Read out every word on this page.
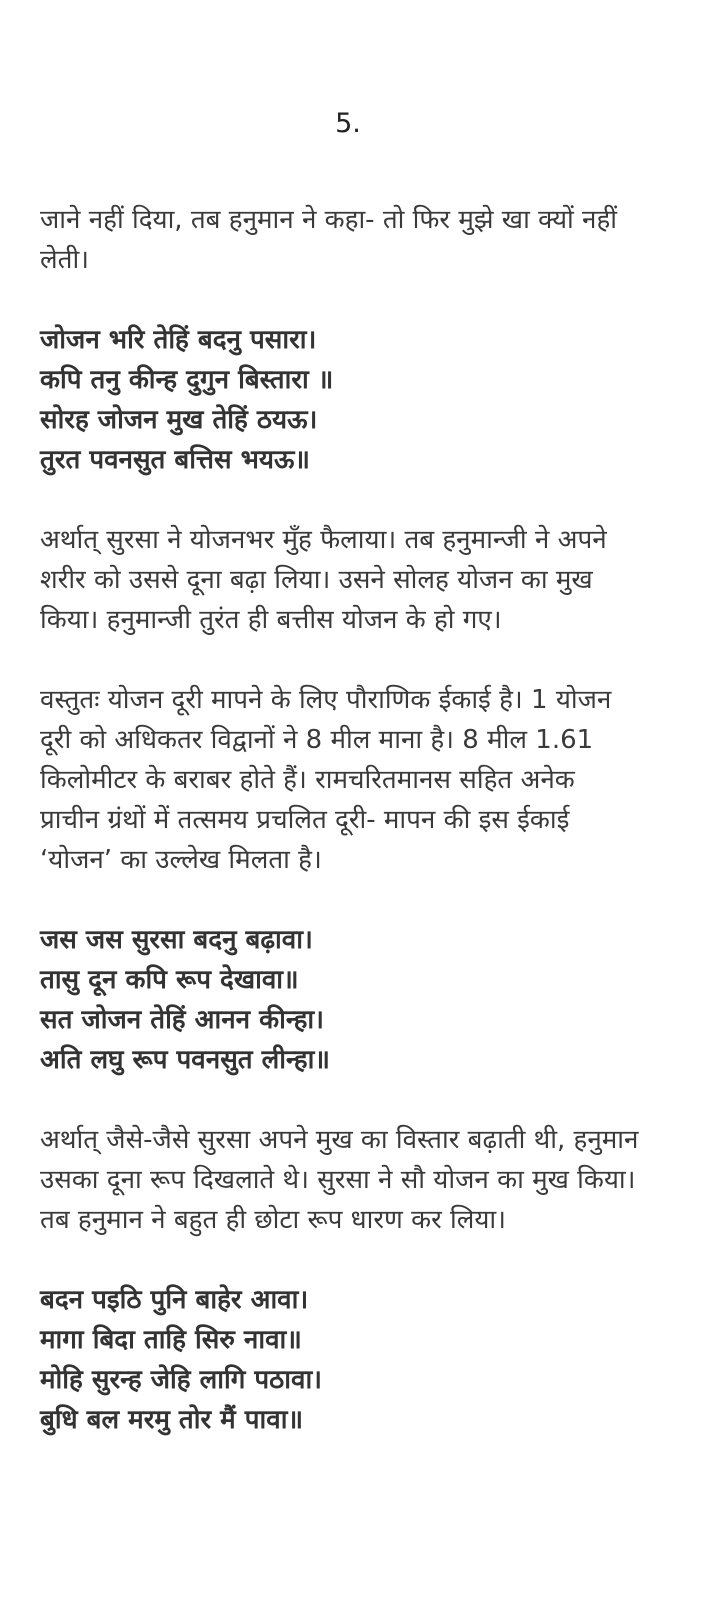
5.
जाने नहीं दिया, तब हनुमान ने कहा- तो फिर मुझे खा क्यों नहीं
लेती।
जोजन भरि तेहिं बदनु पसारा।
कपि तनु कीन्ह दुगुन बिस्तारा ॥
सोरह जोजन मुख तेहिं ठयऊ।
तुरत पवनसुत बत्तिस भयऊ॥
अर्थात् सुरसा ने योजनभर मुँह फैलाया। तब हनुमान्जी ने अपने
शरीर को उससे दूना बढ़ा लिया। उसने सोलह योजन का मुख
किया। हनुमान्जी तुरंत ही बत्तीस योजन के हो गए।
वस्तुतः योजन दूरी मापने के लिए पौराणिक ईकाई है। 1 योजन
दूरी को अधिकतर विद्वानों ने 8 मील माना है। 8 मील 1.61
किलोमीटर के बराबर होते हैं। रामचरितमानस सहित अनेक
प्राचीन ग्रंथों में तत्समय प्रचलित दूरी- मापन की इस ईकाई
‘योजन’ का उल्लेख मिलता है।
जस जस सुरसा बदनु बढ़ावा।
तासु दून कपि रूप देखावा॥
सत जोजन तेहिं आनन कीन्हा।
अति लघु रूप पवनसुत लीन्हा॥
अर्थात् जैसे-जैसे सुरसा अपने मुख का विस्तार बढ़ाती थी, हनुमान
उसका दूना रूप दिखलाते थे। सुरसा ने सौ योजन का मुख किया।
तब हनुमान ने बहुत ही छोटा रूप धारण कर लिया।
बदन पइठि पुनि बाहेर आवा।
मागा बिदा ताहि सिरु नावा॥
मोहि सुरन्ह जेहि लागि पठावा।
बुधि बल मरमु तोर मैं पावा॥
